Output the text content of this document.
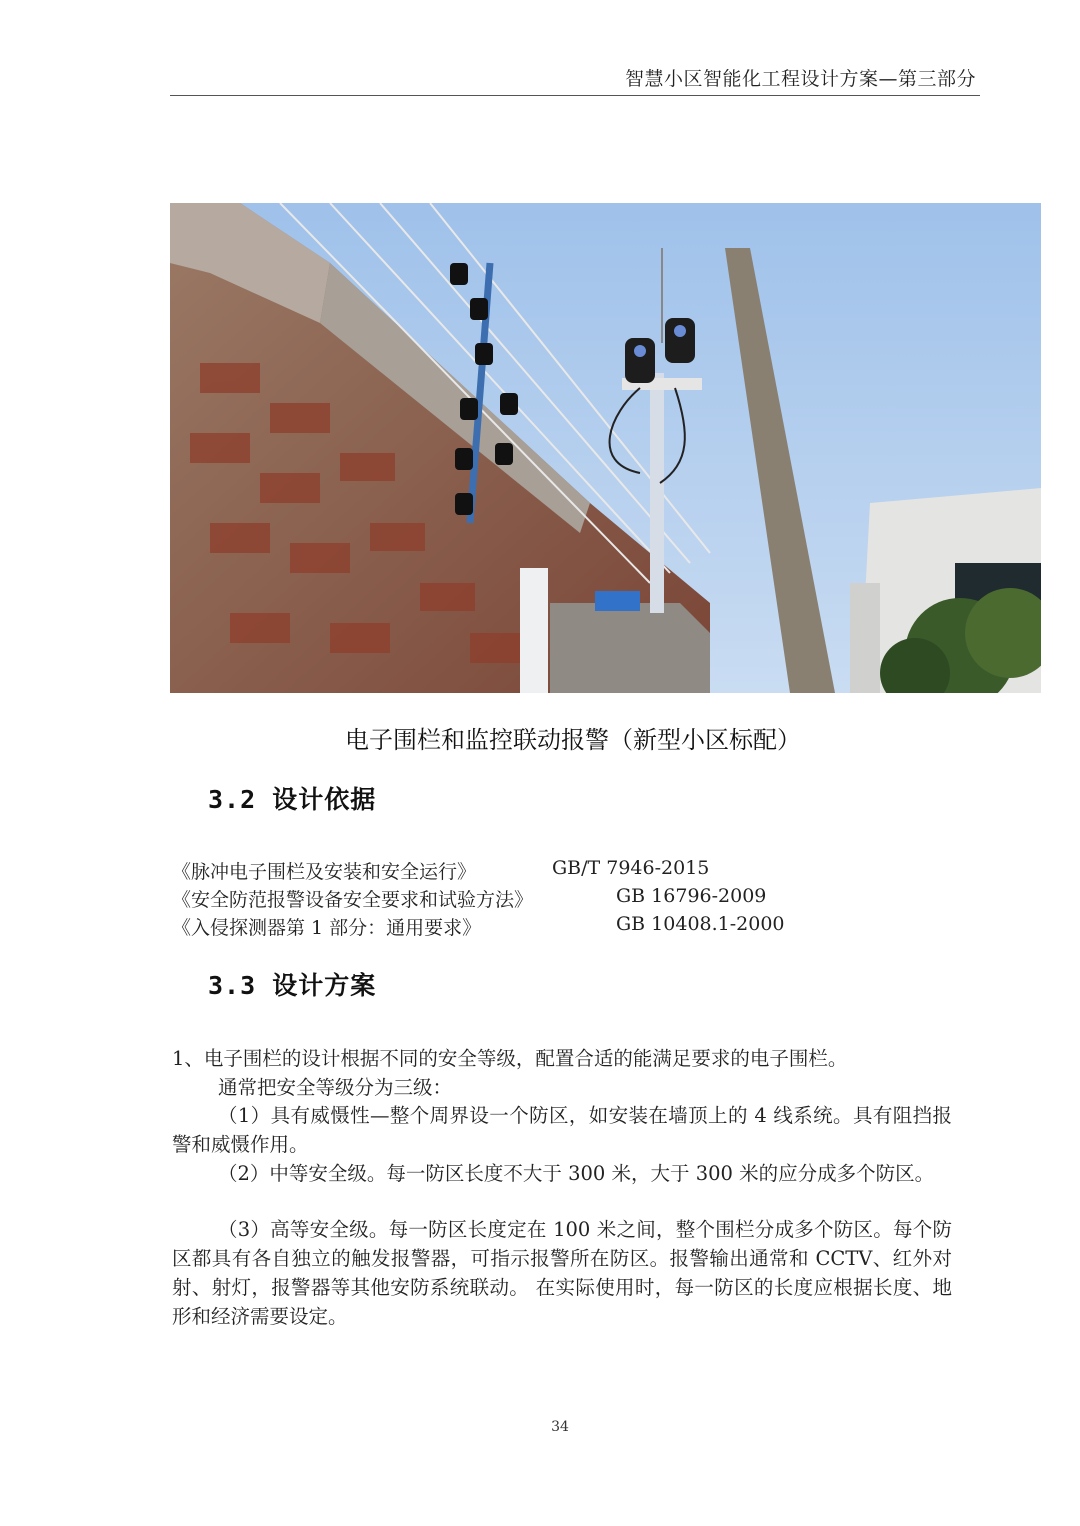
智慧小区智能化工程设计方案—第三部分
电子围栏和监控联动报警（新型小区标配）
3.2 设计依据
《脉冲电子围栏及安装和安全运行》	GB/T 7946-2015
《安全防范报警设备安全要求和试验方法》	GB 16796-2009
《入侵探测器第 1 部分：通用要求》	GB 10408.1-2000
3.3 设计方案
1、电子围栏的设计根据不同的安全等级，配置合适的能满足要求的电子围栏。
通常把安全等级分为三级：
（1）具有威慑性—整个周界设一个防区，如安装在墙顶上的 4 线系统。具有阻挡报警和威慑作用。
（2）中等安全级。每一防区长度不大于 300 米，大于 300 米的应分成多个防区。
（3）高等安全级。每一防区长度定在 100 米之间，整个围栏分成多个防区。每个防区都具有各自独立的触发报警器，可指示报警所在防区。报警输出通常和 CCTV、红外对射、射灯，报警器等其他安防系统联动。 在实际使用时，每一防区的长度应根据长度、地形和经济需要设定。
34
